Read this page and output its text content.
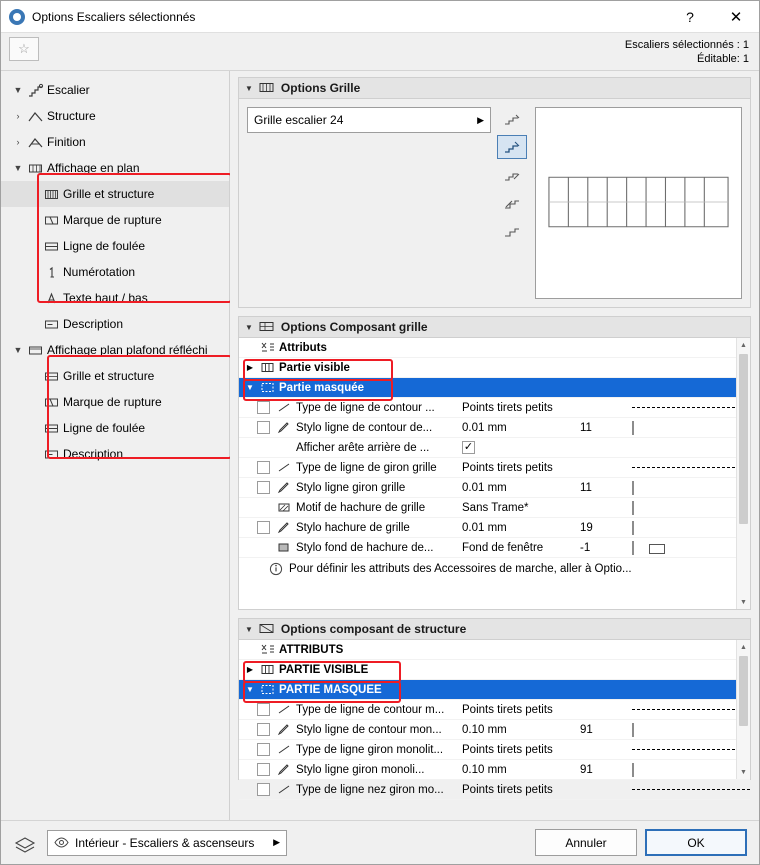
Options Escaliers sélectionnés	?	✕
☆	Escaliers sélectionnés : 1
Éditable: 1
▼ Escalier
›	Structure
›	Finition
▼ Affichage en plan
Grille et structure
Marque de rupture
Ligne de foulée
Numérotation
Texte haut / bas
Description
▼ Affichage plan plafond réfléchi
Grille et structure
Marque de rupture
Ligne de foulée
Description
▼ Options Grille
Grille escalier 24	▶
▼ Options Composant grille
Attributs
▶	Partie visible
▼ Partie masquée
Type de ligne de contour ...	Points tirets petits
Stylo ligne de contour de...	0.01 mm	11
Afficher arête arrière de ...	✓
Type de ligne de giron grille	Points tirets petits
Stylo ligne giron grille	0.01 mm	11
Motif de hachure de grille	Sans Trame*
Stylo hachure de grille	0.01 mm	19
Stylo fond de hachure de...	Fond de fenêtre	-1
Pour définir les attributs des Accessoires de marche, aller à Optio...
▲
▼
▼ Options composant de structure
ATTRIBUTS
▶	PARTIE VISIBLE
▼ PARTIE MASQUEE
Type de ligne de contour m...	Points tirets petits
Stylo ligne de contour mon...	0.10 mm	91
Type de ligne giron monolit...	Points tirets petits
Stylo ligne giron monoli...	0.10 mm	91
Type de ligne nez giron mo...	Points tirets petits
▲
▼
Intérieur - Escaliers & ascenseurs ▶	Annuler	OK
